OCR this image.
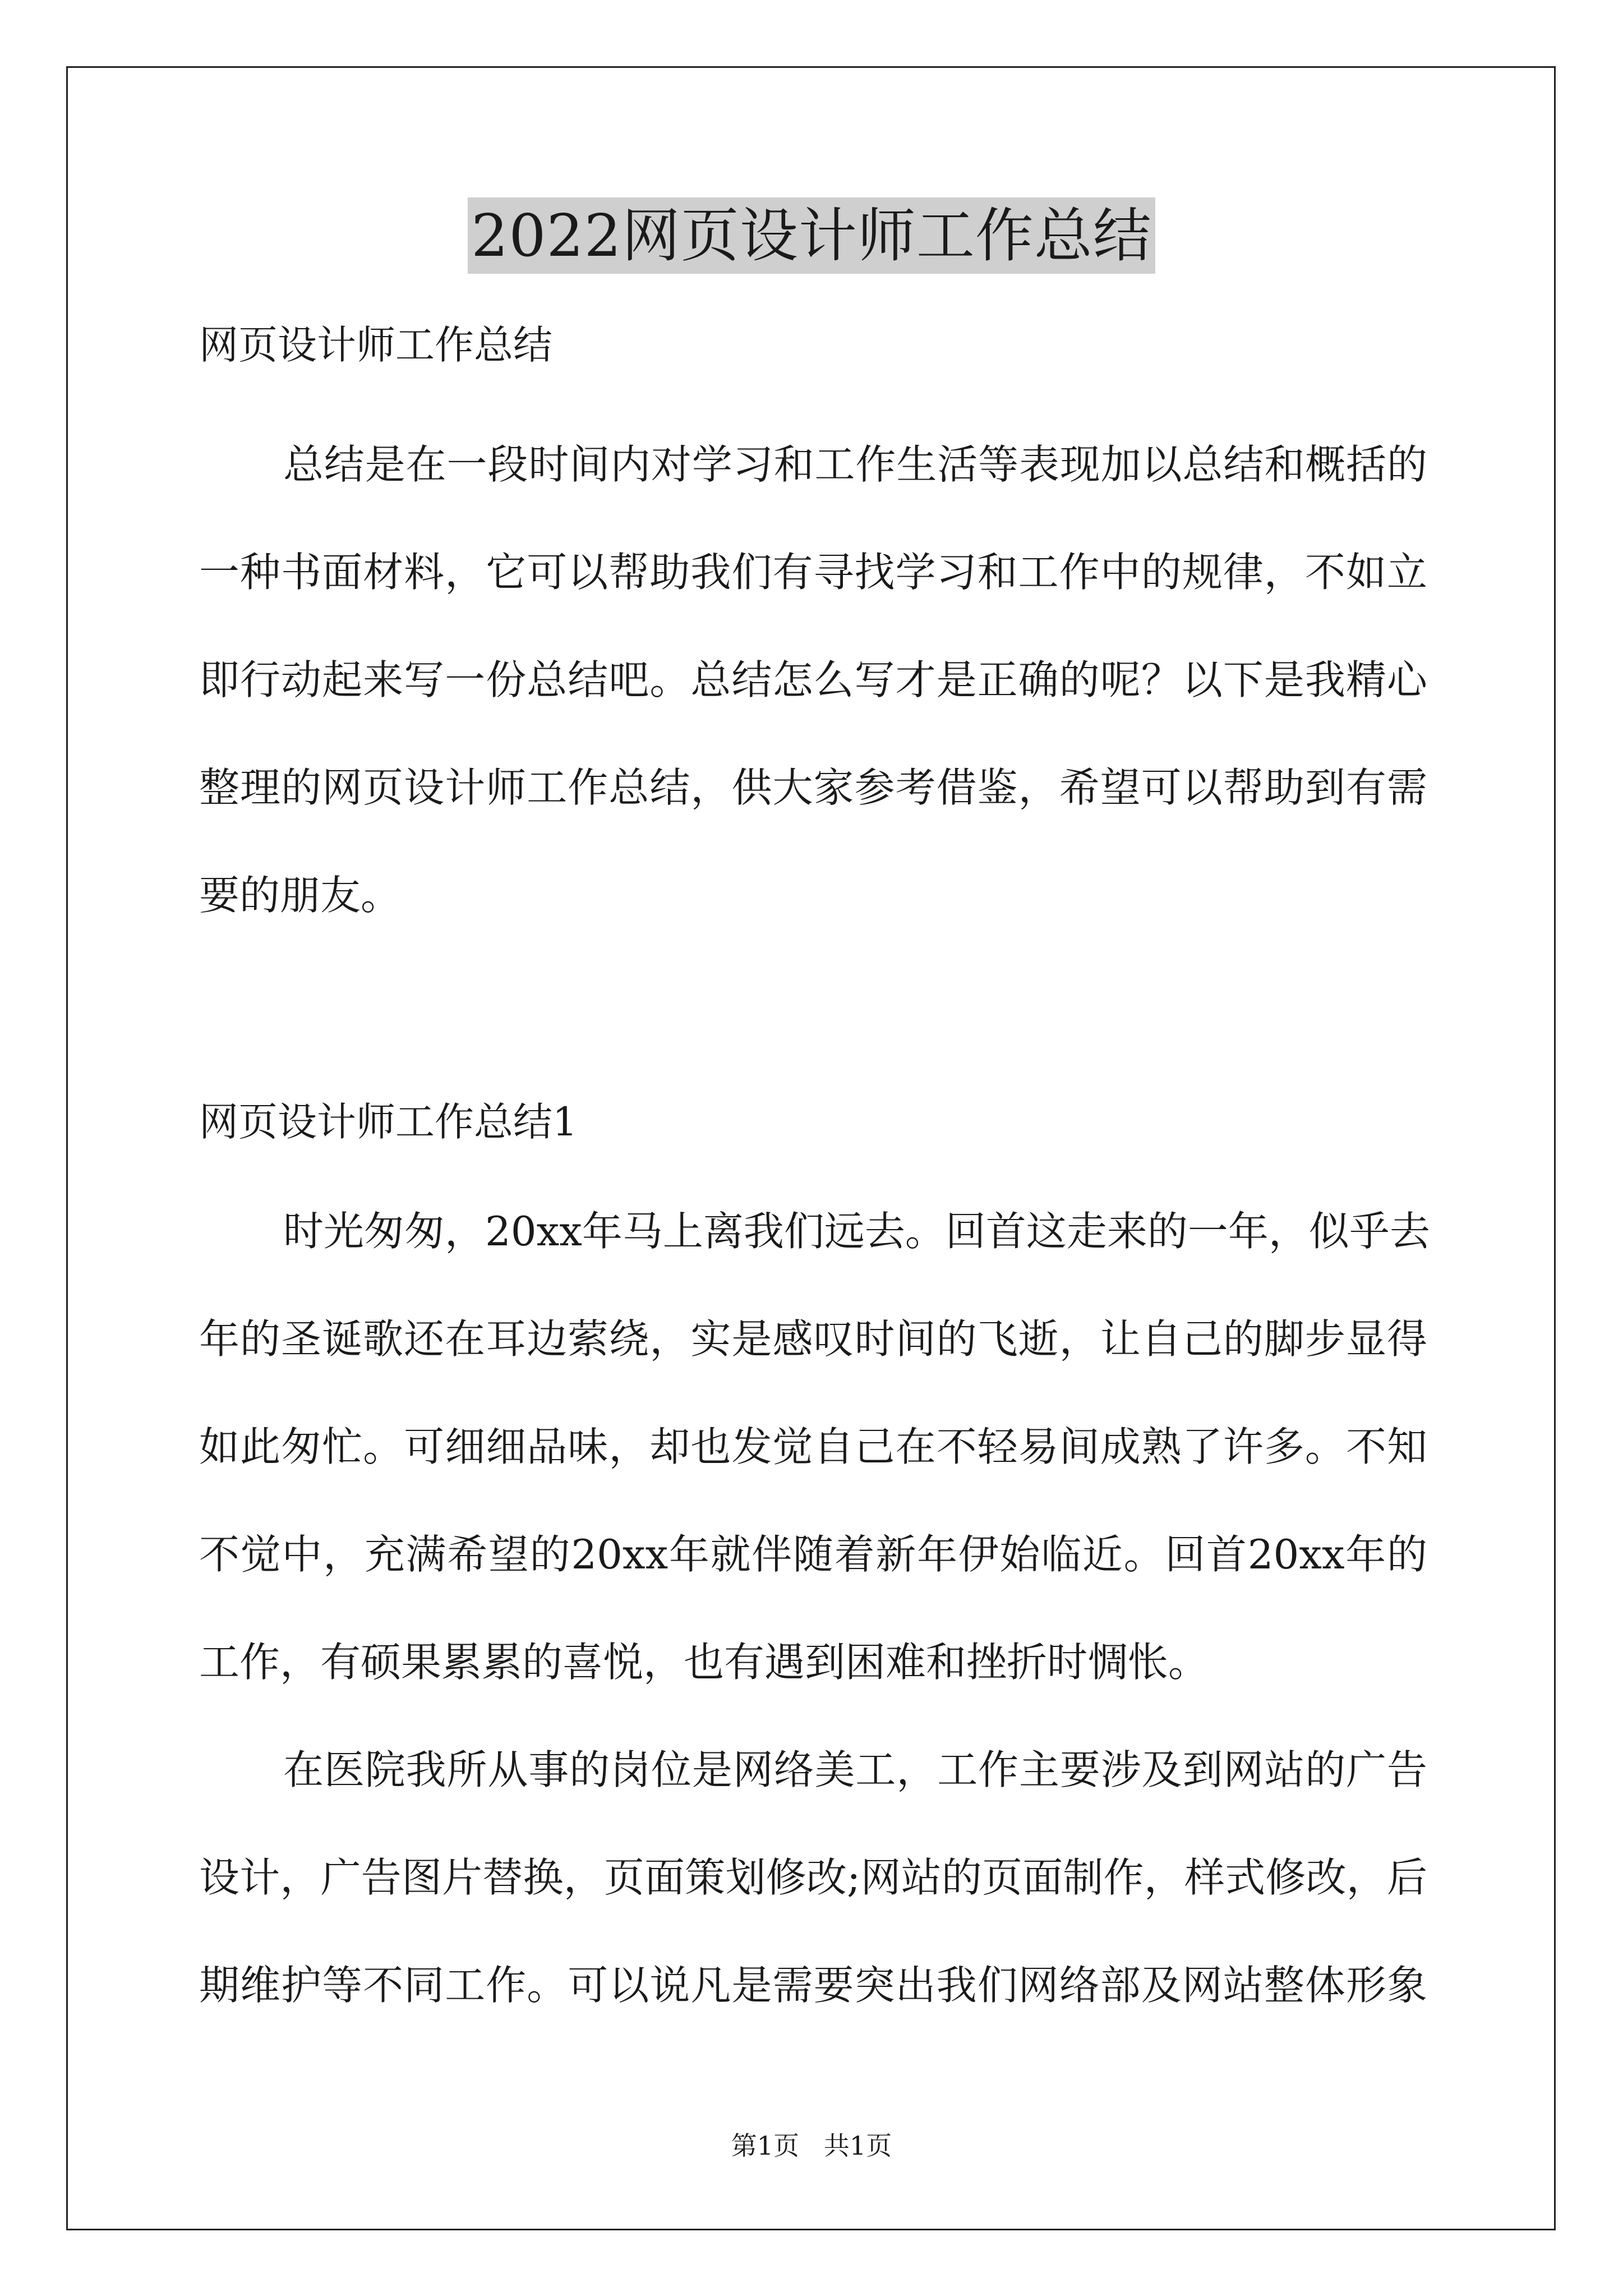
2022网页设计师工作总结
网页设计师工作总结
总结是在一段时间内对学习和工作生活等表现加以总结和概括的
一种书面材料，它可以帮助我们有寻找学习和工作中的规律，不如立
即行动起来写一份总结吧。总结怎么写才是正确的呢？以下是我精心
整理的网页设计师工作总结，供大家参考借鉴，希望可以帮助到有需
要的朋友。
网页设计师工作总结1
时光匆匆，20xx年马上离我们远去。回首这走来的一年，似乎去
年的圣诞歌还在耳边萦绕，实是感叹时间的飞逝，让自己的脚步显得
如此匆忙。可细细品味，却也发觉自己在不轻易间成熟了许多。不知
不觉中，充满希望的20xx年就伴随着新年伊始临近。回首20xx年的
工作，有硕果累累的喜悦，也有遇到困难和挫折时惆怅。
在医院我所从事的岗位是网络美工，工作主要涉及到网站的广告
设计，广告图片替换，页面策划修改;网站的页面制作，样式修改，后
期维护等不同工作。可以说凡是需要突出我们网络部及网站整体形象
第1页   共1页
